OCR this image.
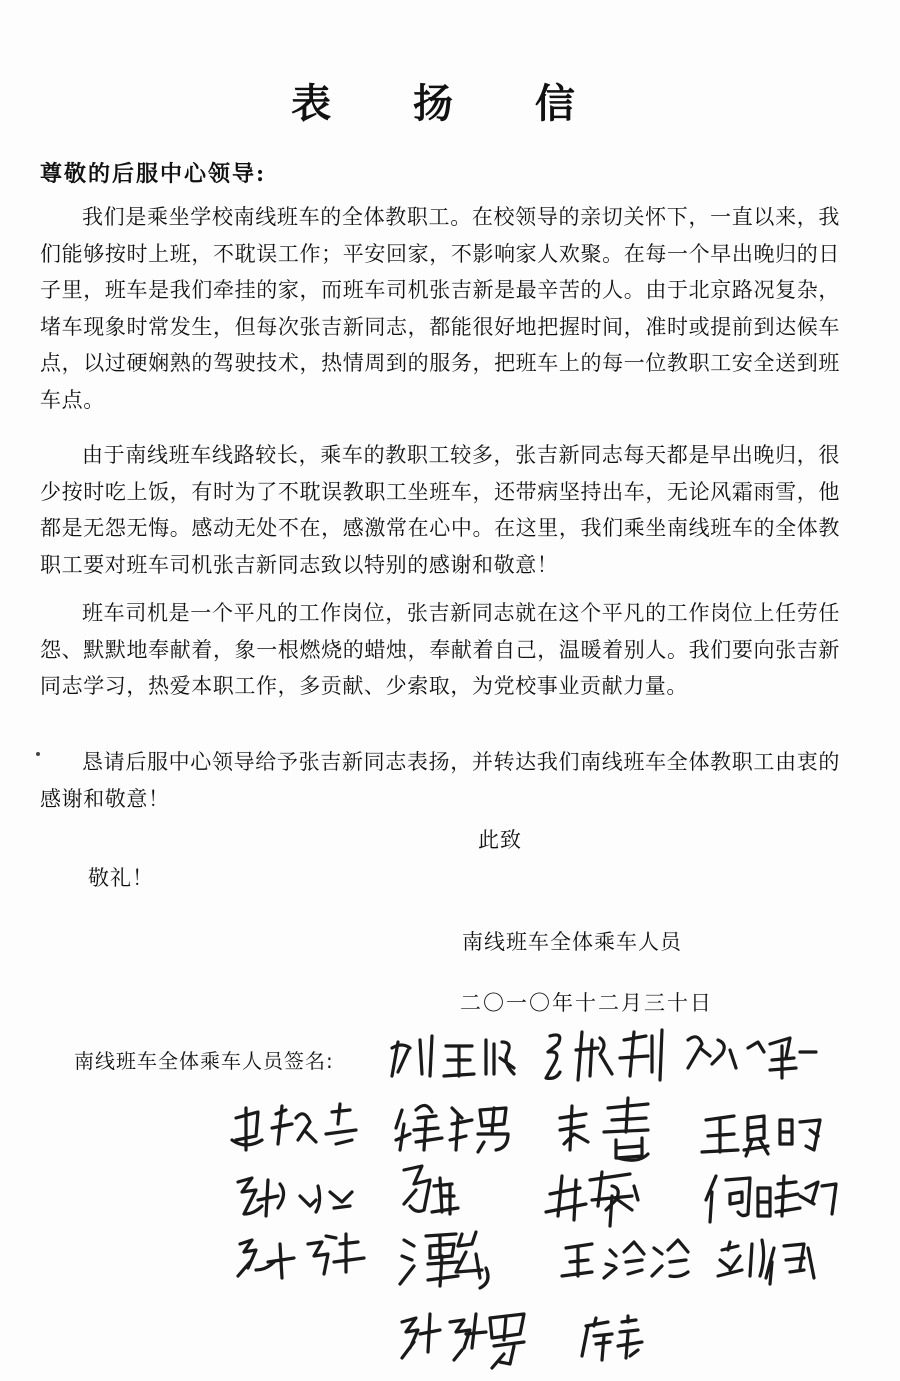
表 扬 信
尊敬的后服中心领导:

我们是乘坐学校南线班车的全体教职工。在校领导的亲切关怀下，一直以来，我们能够按时上班，不耽误工作；平安回家，不影响家人欢聚。在每一个早出晚归的日子里，班车是我们牵挂的家，而班车司机张吉新是最辛苦的人。由于北京路况复杂，堵车现象时常发生，但每次张吉新同志，都能很好地把握时间，准时或提前到达候车点，以过硬娴熟的驾驶技术，热情周到的服务，把班车上的每一位教职工安全送到班车点。

由于南线班车线路较长，乘车的教职工较多，张吉新同志每天都是早出晚归，很少按时吃上饭，有时为了不耽误教职工坐班车，还带病坚持出车，无论风霜雨雪，他都是无怨无悔。感动无处不在，感激常在心中。在这里，我们乘坐南线班车的全体教职工要对班车司机张吉新同志致以特别的感谢和敬意！

班车司机是一个平凡的工作岗位，张吉新同志就在这个平凡的工作岗位上任劳任怨、默默地奉献着，象一根燃烧的蜡烛，奉献着自己，温暖着别人。我们要向张吉新同志学习，热爱本职工作，多贡献、少索取，为党校事业贡献力量。

恳请后服中心领导给予张吉新同志表扬，并转达我们南线班车全体教职工由衷的感谢和敬意！

此致
敬礼！
南线班车全体乘车人员
二〇一〇年十二月三十日
南线班车全体乘车人员签名:
